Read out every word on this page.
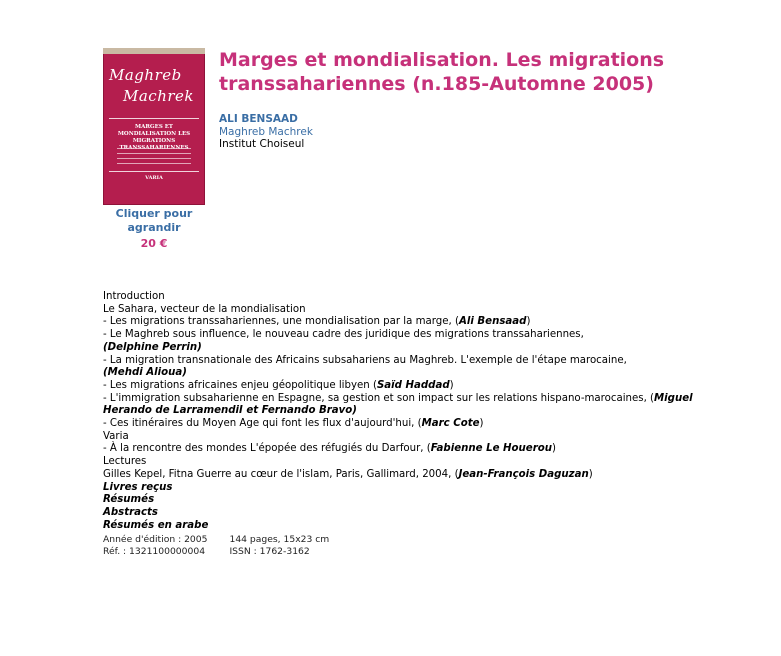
Maghreb
Machrek
MARGES ET MONDIALISATION LES MIGRATIONS
VARIA
Cliquer pour agrandir
20 €
Marges et mondialisation. Les migrations transsahariennes (n.185-Automne 2005)
ALI BENSAAD
Maghreb Machrek
Institut Choiseul
Introduction
Le Sahara, vecteur de la mondialisation
- Les migrations transsahariennes, une mondialisation par la marge, (Ali Bensaad)
- Le Maghreb sous influence, le nouveau cadre des juridique des migrations transsahariennes,
(Delphine Perrin)
- La migration transnationale des Africains subsahariens au Maghreb. L'exemple de l'étape marocaine,
(Mehdi Alioua)
- Les migrations africaines enjeu géopolitique libyen (Saïd Haddad)
- L'immigration subsaharienne en Espagne, sa gestion et son impact sur les relations hispano-marocaines, (Miguel
Herando de LarramendiI et Fernando Bravo)
- Ces itinéraires du Moyen Age qui font les flux d'aujourd'hui, (Marc Cote)
Varia
- À la rencontre des mondes L'épopée des réfugiés du Darfour, (Fabienne Le Houerou)
Lectures
Gilles Kepel, Fitna Guerre au cœur de l'islam, Paris, Gallimard, 2004, (Jean-François Daguzan)
Livres reçus
Résumés
Abstracts
Résumés en arabe
Année d'édition : 2005	144 pages, 15x23 cm
Réf. : 1321100000004	ISSN : 1762-3162
